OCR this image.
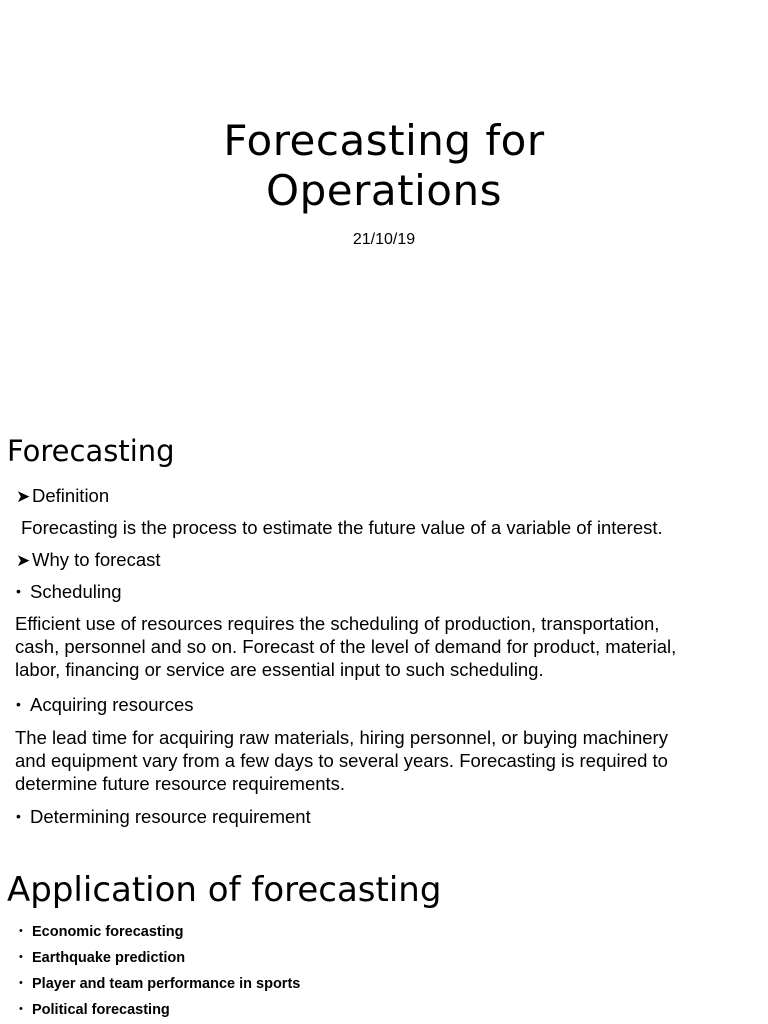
Forecasting for
Operations
21/10/19
Forecasting
➤Definition
Forecasting is the process to estimate the future value of a variable of interest.
➤Why to forecast
• Scheduling
Efficient use of resources requires the scheduling of production, transportation,
cash, personnel and so on. Forecast of the level of demand for product, material,
labor, financing or service are essential input to such scheduling.
• Acquiring resources
The lead time for acquiring raw materials, hiring personnel, or buying machinery
and equipment vary from a few days to several years. Forecasting is required to
determine future resource requirements.
• Determining resource requirement
Application of forecasting
• Economic forecasting
• Earthquake prediction
• Player and team performance in sports
• Political forecasting
